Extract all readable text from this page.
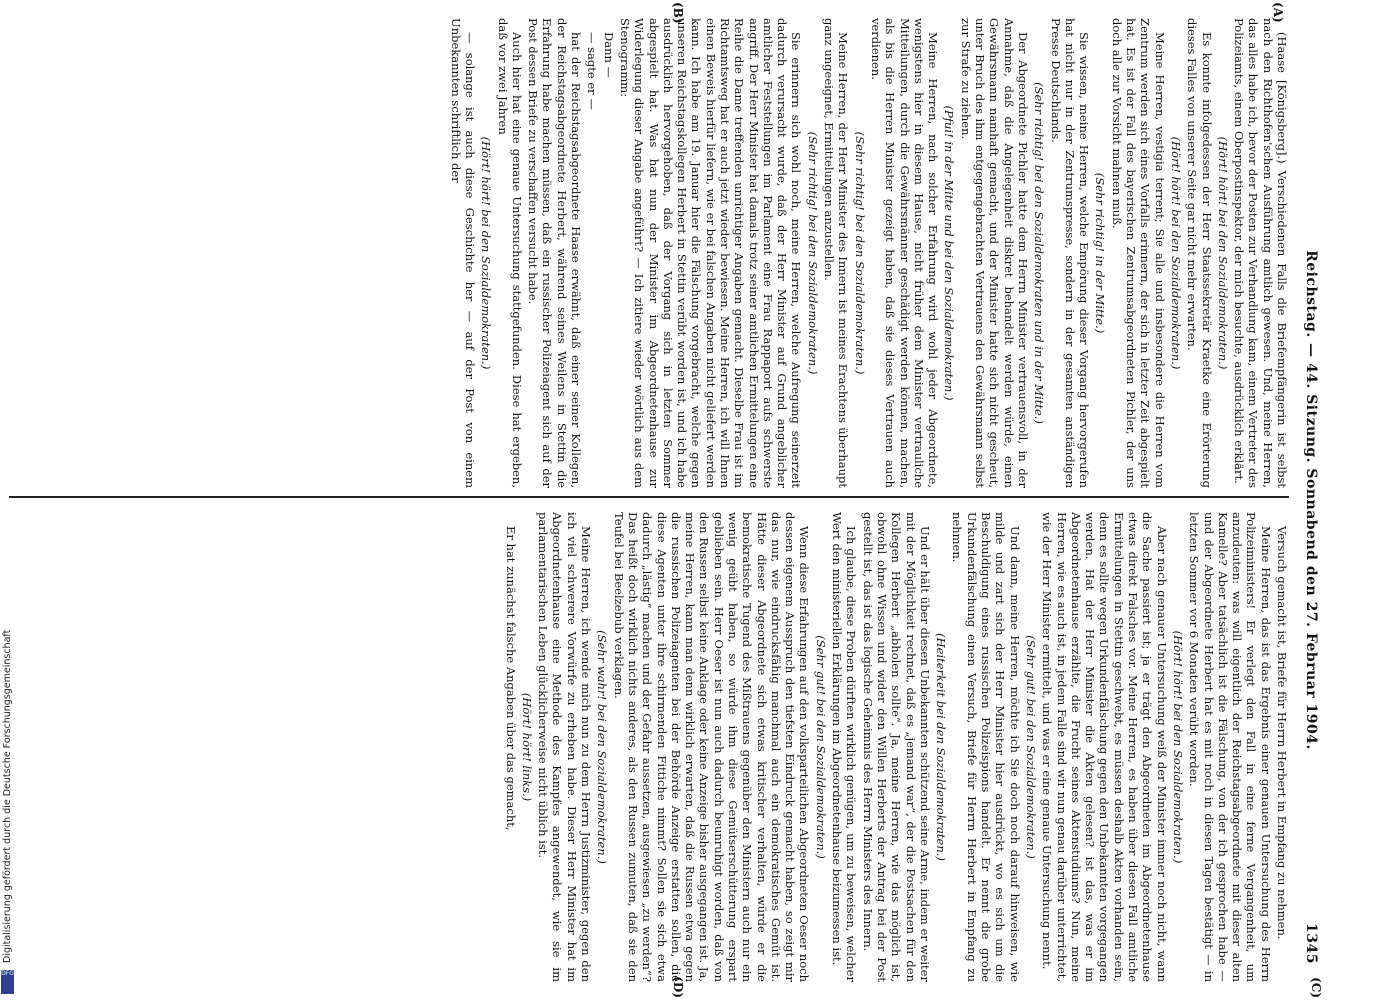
Reichstag. — 44. Sitzung. Sonnabend den 27. Februar 1904.
1345
(A)
(B)
(C)
(D)

(Haase [Königsberg].) Verschiedenen Falls die Briefempfängerin ist selbst nach den Richthofen'schen Ausführung amtlich gewesen. Und, meine Herren, das alles habe ich, bevor der Posten zur Verhandlung kam, einem Vertreter des Polizeiamts, einem Oberpostinspektor, der mich besuchte, ausdrücklich erklärt.

(Hört! hört! bei den Sozialdemokraten.)

Es konnte infolgedessen der Herr Staatssekretär Kraetke eine Erörterung dieses Falles von unserer Seite gar nicht mehr erwarten.

(Hört! hört! bei den Sozialdemokraten.)

Meine Herren, vestigia terrent; Sie alle und insbesondere die Herren vom Zentrum werden sich eines Vorfalls erinnern, der sich in letzter Zeit abgespielt hat. Es ist der Fall des bayerischen Zentrumsabgeordneten Pichler, der uns doch alle zur Vorsicht mahnen muß.

(Sehr richtig! in der Mitte.)

Sie wissen, meine Herren, welche Empörung dieser Vorgang hervorgerufen hat nicht nur in der Zentrumspresse, sondern in der gesamten anständigen Presse Deutschlands.

(Sehr richtig! bei den Sozialdemokraten und in der Mitte.)

Der Abgeordnete Pichler hatte dem Herrn Minister vertrauensvoll, in der Annahme, daß die Angelegenheit diskret behandelt werden würde, einen Gewährsmann namhaft gemacht, und der Minister hatte sich nicht gescheut, unter Bruch des ihm entgegengebrachten Vertrauens den Gewährsmann selbst zur Strafe zu ziehen.

(Pfui! in der Mitte und bei den Sozialdemokraten.)

Meine Herren, nach solcher Erfahrung wird wohl jeder Abgeordnete, wenigstens hier in diesem Hause, nicht früher dem Minister vertrauliche Mitteilungen, durch die Gewährsmänner geschädigt werden können, machen, als bis die Herren Minister gezeigt haben, daß sie dieses Vertrauen auch verdienen.

(Sehr richtig! bei den Sozialdemokraten.)

Meine Herren, der Herr Minister des Innern ist meines Erachtens überhaupt ganz ungeeignet, Ermittelungen anzustellen.

(Sehr richtig! bei den Sozialdemokraten.)

Sie erinnern sich wohl noch, meine Herren, welche Aufregung seinerzeit dadurch verursacht wurde, daß der Herr Minister auf Grund angeblicher amtlicher Feststellungen im Parlament eine Frau Rappaport aufs schwerste angriff. Der Herr Minister hat damals trotz seiner amtlichen Ermittelungen eine Reihe die Dame treffenden unrichtiger Angaben gemacht. Dieselbe Frau ist im Richtamtsweg hat er auch jetzt wieder bewiesen. Meine Herren, ich will Ihnen einen Beweis hierfür liefern, wie er bei falschen Angaben nicht geliefert werden kann. Ich habe am 19. Januar hier die Fälschung vorgebracht, welche gegen unseren Reichstagskollegen Herbert in Stettin verübt worden ist, und ich habe ausdrücklich hervorgehoben, daß der Vorgang sich in letzten Sommer abgespielt hat. Was hat nun der Minister im Abgeordnetenhause zur Widerlegung dieser Angabe angeführt? — Ich zitiere wieder wörtlich aus dem Stenogramm:

Dann —

— sagte er —

hat der Reichstagsabgeordnete Haase erwähnt, daß einer seiner Kollegen, der Reichstagsabgeordnete Herbert, während seines Weilens in Stettin die Erfahrung habe machen müssen, daß ein russischer Polizeiagent sich auf der Post dessen Briefe zu verschaffen versucht habe.

Auch hier hat eine genaue Untersuchung stattgefunden. Diese hat ergeben, daß vor zwei Jahren

(Hört! hört! bei den Sozialdemokraten.)

— solange ist auch diese Geschichte her — auf der Post von einem Unbekannten schriftlich der

Versuch gemacht ist, Briefe für Herrn Herbert in Empfang zu nehmen.

Meine Herren, das ist das Ergebnis einer genauen Untersuchung des Herrn Polizeiministers! Er verlegt den Fall in eine ferne Vergangenheit, um anzudeuten: was will eigentlich der Reichstagsabgeordnete mit dieser alten Kamelle? Aber tatsächlich ist die Fälschung, von der ich gesprochen habe — und der Abgeordnete Herbert hat es mit noch in diesen Tagen bestätigt — in letzten Sommer vor 6 Monaten verübt worden.

(Hört! hört! bei den Sozialdemokraten.)

Aber nach genauer Untersuchung weiß der Minister immer noch nicht, wann die Sache passiert ist; ja er trägt den Abgeordneten im Abgeordnetenhause etwas direkt Falsches vor. Meine Herren, es haben über diesen Fall amtliche Ermittelungen in Stettin geschwebt, es müssen deshalb Akten vorhanden sein, denn es sollte wegen Urkundenfälschung gegen den Unbekannten vorgegangen werden. Hat der Herr Minister die Akten gelesen? ist das, was er im Abgeordnetenhause erzählte, die Frucht seines Aktenstudiums? Nun, meine Herren, wie es auch ist, in jedem Falle sind wir nun genau darüber unterrichtet, wie der Herr Minister ermittelt, und was er eine genaue Untersuchung nennt.

(Sehr gut! bei den Sozialdemokraten.)

Und dann, meine Herren, möchte ich Sie doch noch darauf hinweisen, wie milde und zart sich der Herr Minister hier ausdrückt, wo es sich um die Beschuldigung eines russischen Polizeispions handelt. Er nennt die grobe Urkundenfälschung einen Versuch, Briefe für Herrn Herbert in Empfang zu nehmen.

(Heiterkeit bei den Sozialdemokraten.)

Und er hält über diesen Unbekannten schützend seine Arme, indem er weiter mit der Möglichkeit rechnet, daß es „jemand war“, der die Postsachen für den Kollegen Herbert „abholen sollte“. Ja, meine Herren, wie das möglich ist, obwohl ohne Wissen und wider den Willen Herberts der Antrag bei der Post gestellt ist, das ist das logische Geheimnis des Herrn Ministers des Innern.

Ich glaube, diese Proben dürften wirklich genügen, um zu beweisen, welcher Wert den ministeriellen Erklärungen im Abgeordnetenhause beizumessen ist.

(Sehr gut! bei den Sozialdemokraten.)

Wenn diese Erfahrungen auf den volksparteilichen Abgeordneten Oeser noch dessen eigenem Ausspruch den tiefsten Eindruck gemacht haben, so zeigt mir das nur, wie eindrucksfähig manchmal auch ein demokratisches Gemüt ist. Hätte dieser Abgeordnete sich etwas kritischer verhalten, würde er die bemokratische Tugend des Mißtrauens gegenüber den Ministern auch nur ein wenig geübt haben, so würde ihm diese Gemütserschütterung erspart geblieben sein. Herr Oeser ist nun auch dadurch beunruhigt worden, daß von den Russen selbst keine Anklage oder keine Anzeige bisher ausgegangen ist. Ja, meine Herren, kann man denn wirklich erwarten, daß die Russen etwa gegen die russischen Polizeiagenten bei der Behörde Anzeige erstatten sollen, die diese Agenten unter ihre schirmenden Fittiche nimmt? Sollen sie sich etwa dadurch „lästig“ machen und der Gefahr aussetzen, ausgewiesen „zu werden“? Das heißt doch wirklich nichts anderes, als den Russen zumuten, daß sie den Teufel bei Beelzebub verklagen.

(Sehr wahr! bei den Sozialdemokraten.)

Meine Herren, ich wende mich nun zu dem Herrn Justizminister, gegen den ich viel schwerere Vorwürfe zu erheben habe. Dieser Herr Minister hat im Abgeordnetenhause eine Methode des Kampfes angewendet, wie sie im parlamentarischen Leben glücklicherweise nicht üblich ist.

(Hört! hört! links.)

Er hat zunächst falsche Angaben über das gemacht,

Digitalisierung gefördert durch die Deutsche Forschungsgemeinschaft
DFG
